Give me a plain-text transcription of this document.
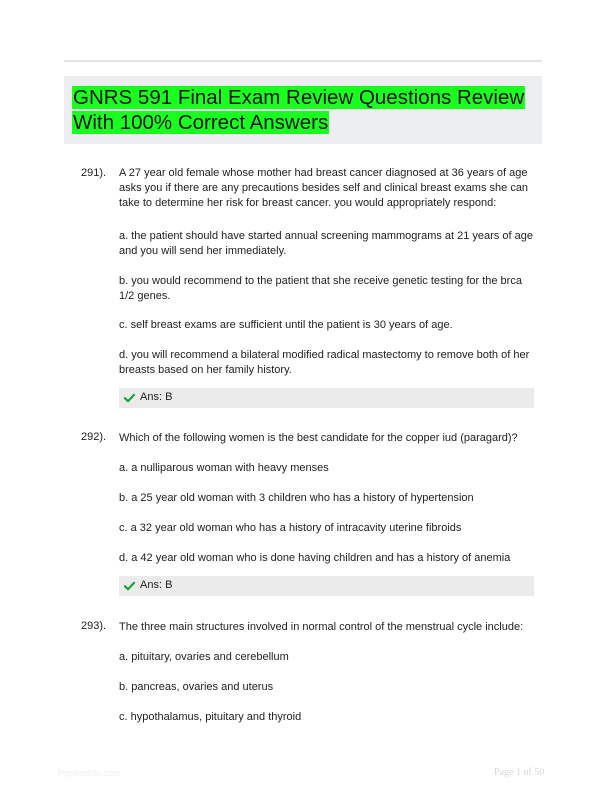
GNRS 591 Final Exam Review Questions Review
With 100% Correct Answers
291). A 27 year old female whose mother had breast cancer diagnosed at 36 years of age asks you if there are any precautions besides self and clinical breast exams she can take to determine her risk for breast cancer. you would appropriately respond:
a. the patient should have started annual screening mammograms at 21 years of age and you will send her immediately.
b. you would recommend to the patient that she receive genetic testing for the brca 1/2 genes.
c. self breast exams are sufficient until the patient is 30 years of age.
d. you will recommend a bilateral modified radical mastectomy to remove both of her breasts based on her family history.
Ans: B
292). Which of the following women is the best candidate for the copper iud (paragard)?
a. a nulliparous woman with heavy menses
b. a 25 year old woman with 3 children who has a history of hypertension
c. a 32 year old woman who has a history of intracavity uterine fibroids
d. a 42 year old woman who is done having children and has a history of anemia
Ans: B
293). The three main structures involved in normal control of the menstrual cycle include:
a. pituitary, ovaries and cerebellum
b. pancreas, ovaries and uterus
c. hypothalamus, pituitary and thyroid
Paperbible.com	Page 1 of 50
